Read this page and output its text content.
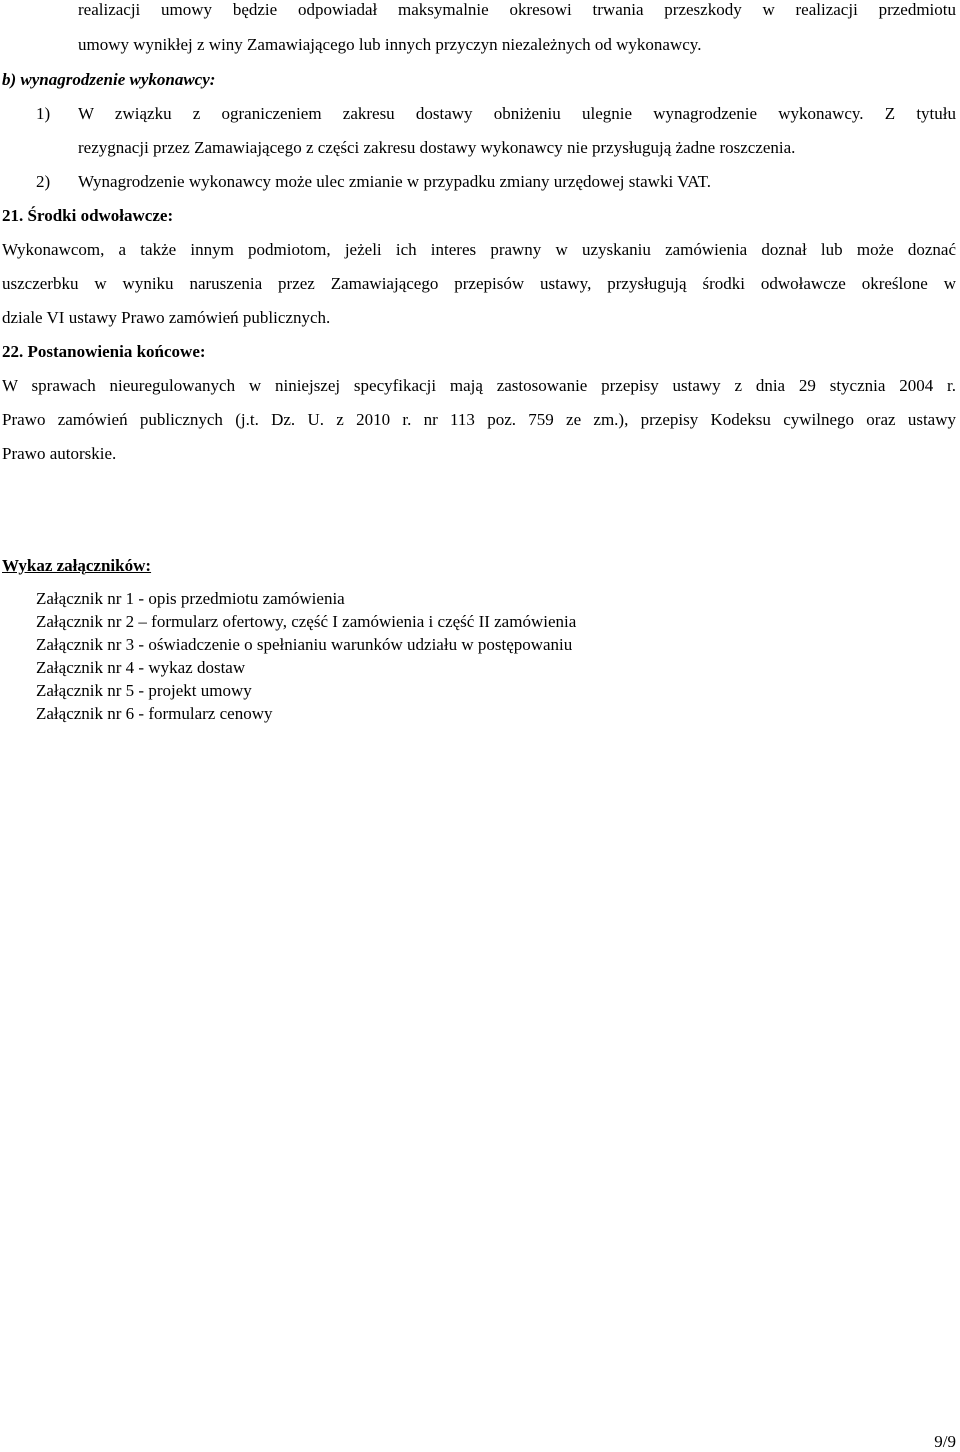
realizacji umowy będzie odpowiadał maksymalnie okresowi trwania przeszkody w realizacji przedmiotu
umowy wynikłej z winy Zamawiającego lub innych przyczyn niezależnych od wykonawcy.
b) wynagrodzenie wykonawcy:
1) W związku z ograniczeniem zakresu dostawy obniżeniu ulegnie wynagrodzenie wykonawcy. Z tytułu
rezygnacji przez Zamawiającego z części zakresu dostawy wykonawcy nie przysługują żadne roszczenia.
2) Wynagrodzenie wykonawcy może ulec zmianie w przypadku zmiany urzędowej stawki VAT.
21. Środki odwoławcze:
Wykonawcom, a także innym podmiotom, jeżeli ich interes prawny w uzyskaniu zamówienia doznał lub może doznać
uszczerbku w wyniku naruszenia przez Zamawiającego przepisów ustawy, przysługują środki odwoławcze określone w
dziale VI ustawy Prawo zamówień publicznych.
22. Postanowienia końcowe:
W sprawach nieuregulowanych w niniejszej specyfikacji mają zastosowanie przepisy ustawy z dnia 29 stycznia 2004 r.
Prawo zamówień publicznych (j.t. Dz. U. z 2010 r. nr 113 poz. 759 ze zm.), przepisy Kodeksu cywilnego oraz ustawy
Prawo autorskie.
Wykaz załączników:
Załącznik nr 1 - opis przedmiotu zamówienia
Załącznik nr 2 – formularz ofertowy, część I zamówienia i część II zamówienia
Załącznik nr 3 - oświadczenie o spełnianiu warunków udziału w postępowaniu
Załącznik nr 4 - wykaz dostaw
Załącznik nr 5 - projekt umowy
Załącznik nr 6 - formularz cenowy
9/9
